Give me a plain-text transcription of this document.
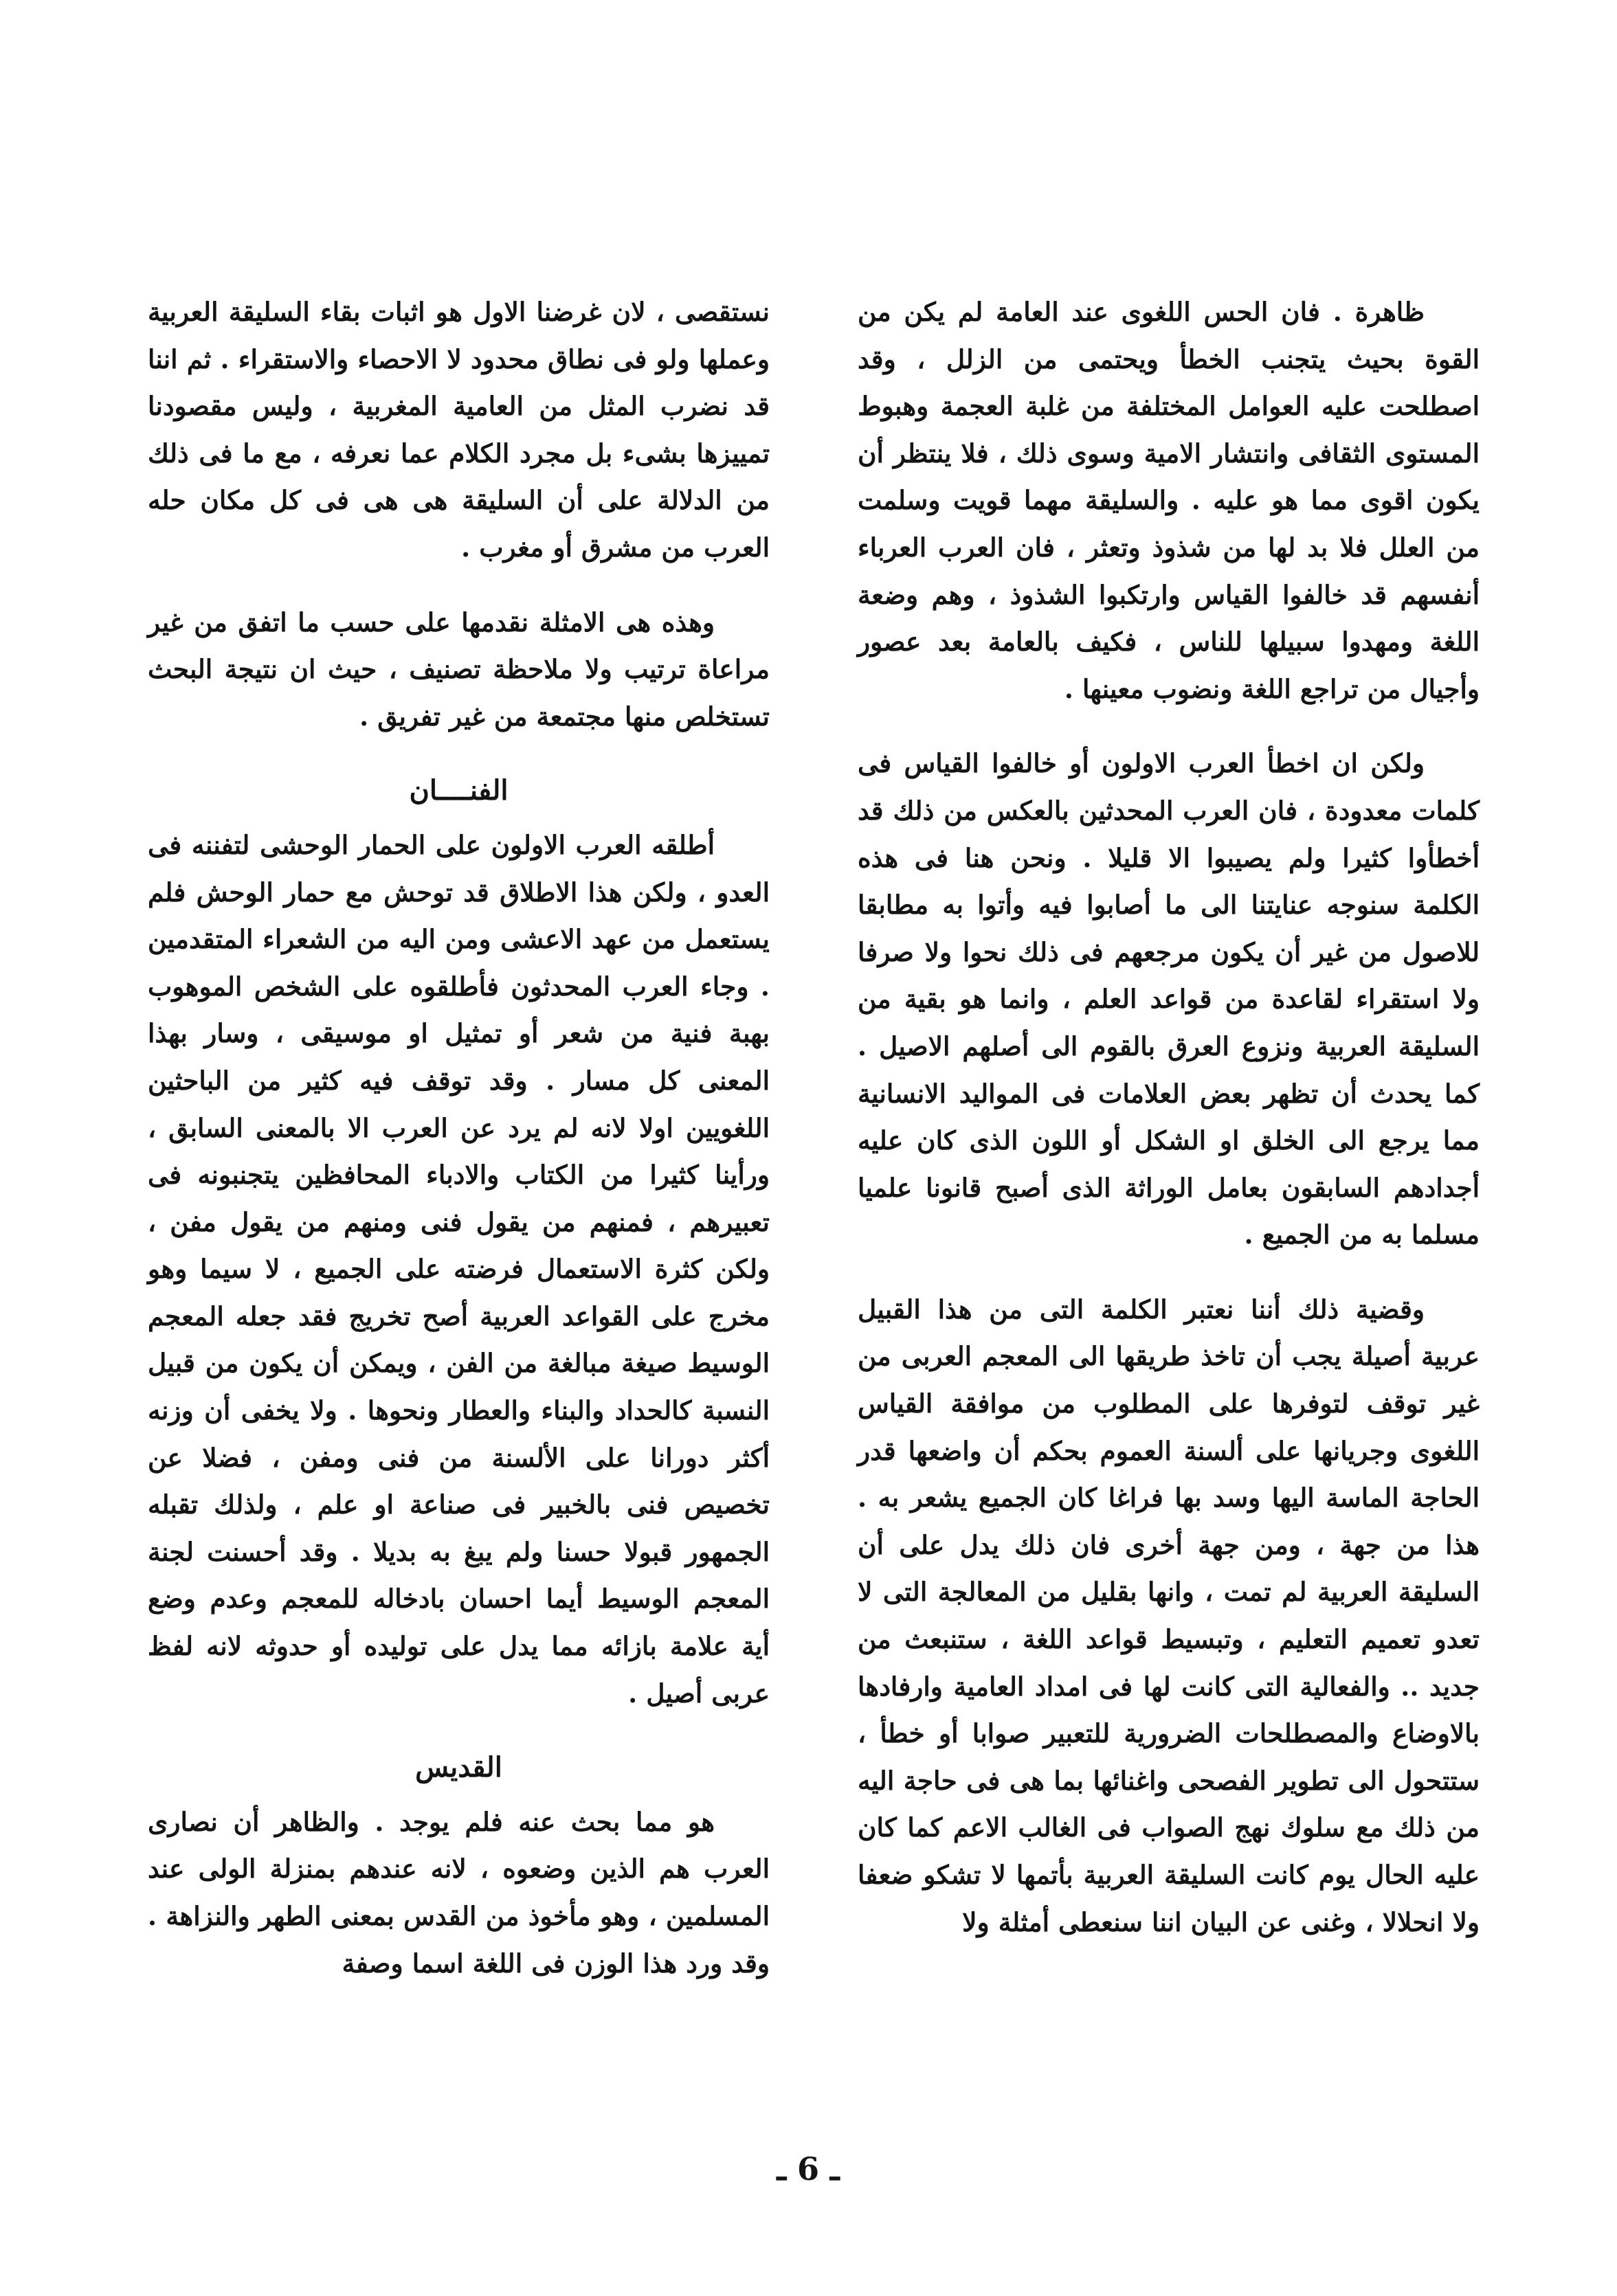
ظاهرة . فان الحس اللغوى عند العامة لم يكن من القوة بحيث يتجنب الخطأ ويحتمى من الزلل ، وقد اصطلحت عليه العوامل المختلفة من غلبة العجمة وهبوط المستوى الثقافى وانتشار الامية وسوى ذلك ، فلا ينتظر أن يكون اقوى مما هو عليه . والسليقة مهما قويت وسلمت من العلل فلا بد لها من شذوذ وتعثر ، فان العرب العرباء أنفسهم قد خالفوا القياس وارتكبوا الشذوذ ، وهم وضعة اللغة ومهدوا سبيلها للناس ، فكيف بالعامة بعد عصور وأجيال من تراجع اللغة ونضوب معينها .

ولكن ان اخطأ العرب الاولون أو خالفوا القياس فى كلمات معدودة ، فان العرب المحدثين بالعكس من ذلك قد أخطأوا كثيرا ولم يصيبوا الا قليلا . ونحن هنا فى هذه الكلمة سنوجه عنايتنا الى ما أصابوا فيه وأتوا به مطابقا للاصول من غير أن يكون مرجعهم فى ذلك نحوا ولا صرفا ولا استقراء لقاعدة من قواعد العلم ، وانما هو بقية من السليقة العربية ونزوع العرق بالقوم الى أصلهم الاصيل . كما يحدث أن تظهر بعض العلامات فى المواليد الانسانية مما يرجع الى الخلق او الشكل أو اللون الذى كان عليه أجدادهم السابقون بعامل الوراثة الذى أصبح قانونا علميا مسلما به من الجميع .

وقضية ذلك أننا نعتبر الكلمة التى من هذا القبيل عربية أصيلة يجب أن تاخذ طريقها الى المعجم العربى من غير توقف لتوفرها على المطلوب من موافقة القياس اللغوى وجريانها على ألسنة العموم بحكم أن واضعها قدر الحاجة الماسة اليها وسد بها فراغا كان الجميع يشعر به . هذا من جهة ، ومن جهة أخرى فان ذلك يدل على أن السليقة العربية لم تمت ، وانها بقليل من المعالجة التى لا تعدو تعميم التعليم ، وتبسيط قواعد اللغة ، ستنبعث من جديد .. والفعالية التى كانت لها فى امداد العامية وارفادها بالاوضاع والمصطلحات الضرورية للتعبير صوابا أو خطأ ، ستتحول الى تطوير الفصحى واغنائها بما هى فى حاجة اليه من ذلك مع سلوك نهج الصواب فى الغالب الاعم كما كان عليه الحال يوم كانت السليقة العربية بأتمها لا تشكو ضعفا ولا انحلالا ، وغنى عن البيان اننا سنعطى أمثلة ولا

نستقصى ، لان غرضنا الاول هو اثبات بقاء السليقة العربية وعملها ولو فى نطاق محدود لا الاحصاء والاستقراء . ثم اننا قد نضرب المثل من العامية المغربية ، وليس مقصودنا تمييزها بشىء بل مجرد الكلام عما نعرفه ، مع ما فى ذلك من الدلالة على أن السليقة هى هى فى كل مكان حله العرب من مشرق أو مغرب .

وهذه هى الامثلة نقدمها على حسب ما اتفق من غير مراعاة ترتيب ولا ملاحظة تصنيف ، حيث ان نتيجة البحث تستخلص منها مجتمعة من غير تفريق .

الفنــــان

أطلقه العرب الاولون على الحمار الوحشى لتفننه فى العدو ، ولكن هذا الاطلاق قد توحش مع حمار الوحش فلم يستعمل من عهد الاعشى ومن اليه من الشعراء المتقدمين . وجاء العرب المحدثون فأطلقوه على الشخص الموهوب بهبة فنية من شعر أو تمثيل او موسيقى ، وسار بهذا المعنى كل مسار . وقد توقف فيه كثير من الباحثين اللغويين اولا لانه لم يرد عن العرب الا بالمعنى السابق ، ورأينا كثيرا من الكتاب والادباء المحافظين يتجنبونه فى تعبيرهم ، فمنهم من يقول فنى ومنهم من يقول مفن ، ولكن كثرة الاستعمال فرضته على الجميع ، لا سيما وهو مخرج على القواعد العربية أصح تخريج فقد جعله المعجم الوسيط صيغة مبالغة من الفن ، ويمكن أن يكون من قبيل النسبة كالحداد والبناء والعطار ونحوها . ولا يخفى أن وزنه أكثر دورانا على الألسنة من فنى ومفن ، فضلا عن تخصيص فنى بالخبير فى صناعة او علم ، ولذلك تقبله الجمهور قبولا حسنا ولم يبغ به بديلا . وقد أحسنت لجنة المعجم الوسيط أيما احسان بادخاله للمعجم وعدم وضع أية علامة بازائه مما يدل على توليده أو حدوثه لانه لفظ عربى أصيل .

القديس

هو مما بحث عنه فلم يوجد . والظاهر أن نصارى العرب هم الذين وضعوه ، لانه عندهم بمنزلة الولى عند المسلمين ، وهو مأخوذ من القدس بمعنى الطهر والنزاهة . وقد ورد هذا الوزن فى اللغة اسما وصفة

ـ 6 ـ
